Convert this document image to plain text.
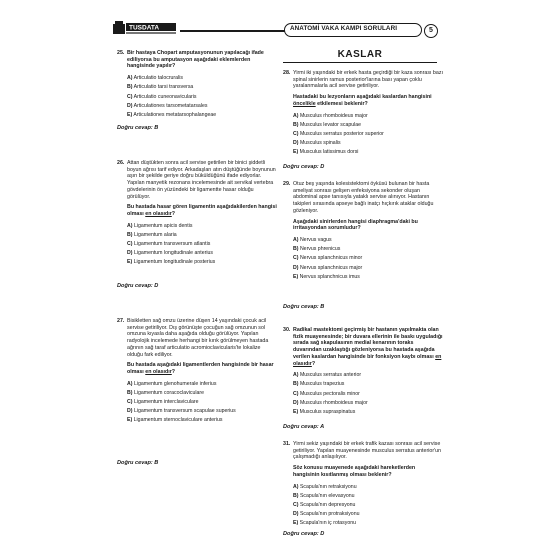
TUSDATA	ANATOMİ VAKA KAMPI SORULARI	5
KASLAR
25. Bir hastaya Chopart amputasyonunun yapılacağı ifade ediliyorsa bu amputasyon aşağıdaki eklemlerden hangisinde yapılır?
A) Articulatio talocruralis
B) Articulatio tarsi transversa
C) Articulatio cuneonavicularis
D) Articulationes tarsometatarsales
E) Articulationes metatarsophalangeae
Doğru cevap: B
26. Attan düştükten sonra acil servise getirilen bir binici şiddetli boyun ağrısı tarif ediyor. Arkadaşları atın düştüğünde boynunun aşırı bir şekilde geriye doğru büküldüğünü ifade ediyorlar. Yapılan manyetik rezonans incelemesinde ait servikal vertebra gövdelerinin ön yüzündeki bir ligamentte hasar olduğu görülüyor.
Bu hastada hasar gören ligamentin aşağıdakilerden hangisi olması en olasıdır?
A) Ligamentum apicis dentis
B) Ligamentum alaria
C) Ligamentum transversum atlantis
D) Ligamentum longitudinale anterius
E) Ligamentum longitudinale posterius
Doğru cevap: D
27. Bisikletten sağ omzu üzerine düşen 14 yaşındaki çocuk acil servise getiriliyor. Dış görünüşte çocuğun sağ omzunun sol omzuna kıyasla daha aşağıda olduğu görülüyor. Yapılan radyolojik incelemede herhangi bir kırık görülmeyen hastada ağrının sağ taraf articulatio acromioclavicularis'te lokalize olduğu fark ediliyor.
Bu hastada aşağıdaki ligamentlerden hangisinde bir hasar olması en olasıdır?
A) Ligamentum glenohumerale inferius
B) Ligamentum coracoclaviculare
C) Ligamentum interclaviculare
D) Ligamentum transversum scapulae superius
E) Ligamentum sternoclaviculare anterius
Doğru cevap: B
28. Yirmi iki yaşındaki bir erkek hasta geçirdiği bir kaza sonrası bazı spinal sinirlerin ramus posterior'larına bası yapan çoklu yaralanmalarla acil servise getiriliyor.
Hastadaki bu lezyonların aşağıdaki kaslardan hangisini öncelikle etkilemesi beklenir?
A) Musculus rhomboideus major
B) Musculus levator scapulae
C) Musculus serratus posterior superior
D) Musculus spinalis
E) Musculus latissimus dorsi
Doğru cevap: D
29. Otuz beş yaşında kolesistektomi öyküsü bulunan bir hasta ameliyat sonrası gelişen enfeksiyona sekonder oluşan abdominal apse tanısıyla yataklı servise alınıyor. Hastanın takipleri sırasında apseye bağlı inatçı hıçkırık ataklar olduğu gözleniyor.
Aşağıdaki sinirlerden hangisi diaphragma'daki bu irritasyondan sorumludur?
A) Nervus vagus
B) Nervus phrenicus
C) Nervus splanchnicus minor
D) Nervus splanchnicus major
E) Nervus splanchnicus imus
Doğru cevap: B
30. Radikal mastektomi geçirmiş bir hastanın yapılmakta olan fizik muayenesinde; bir duvara ellerinin ile baskı uyguladığı sırada sağ skapulasının medial kenarının toraks duvarından uzaklaştığı gözleniyorsa bu hastada aşağıda verilen kaslardan hangisinde bir fonksiyon kaybı olması en olasıdır?
A) Musculus serratus anterior
B) Musculus trapezius
C) Musculus pectoralis minor
D) Musculus rhomboideus major
E) Musculus supraspinatus
Doğru cevap: A
31. Yirmi sekiz yaşındaki bir erkek trafik kazası sonrası acil servise getiriliyor. Yapılan muayenesinde musculus serratus anterior'un çalışmadığı anlaşılıyor.
Söz konusu muayenede aşağıdaki hareketlerden hangisinin kısıtlanmış olması beklenir?
A) Scapula'nın retraksiyonu
B) Scapula'nın elevasyonu
C) Scapula'nın depresyonu
D) Scapula'nın protraksiyonu
E) Scapula'nın iç rotasyonu
Doğru cevap: D
